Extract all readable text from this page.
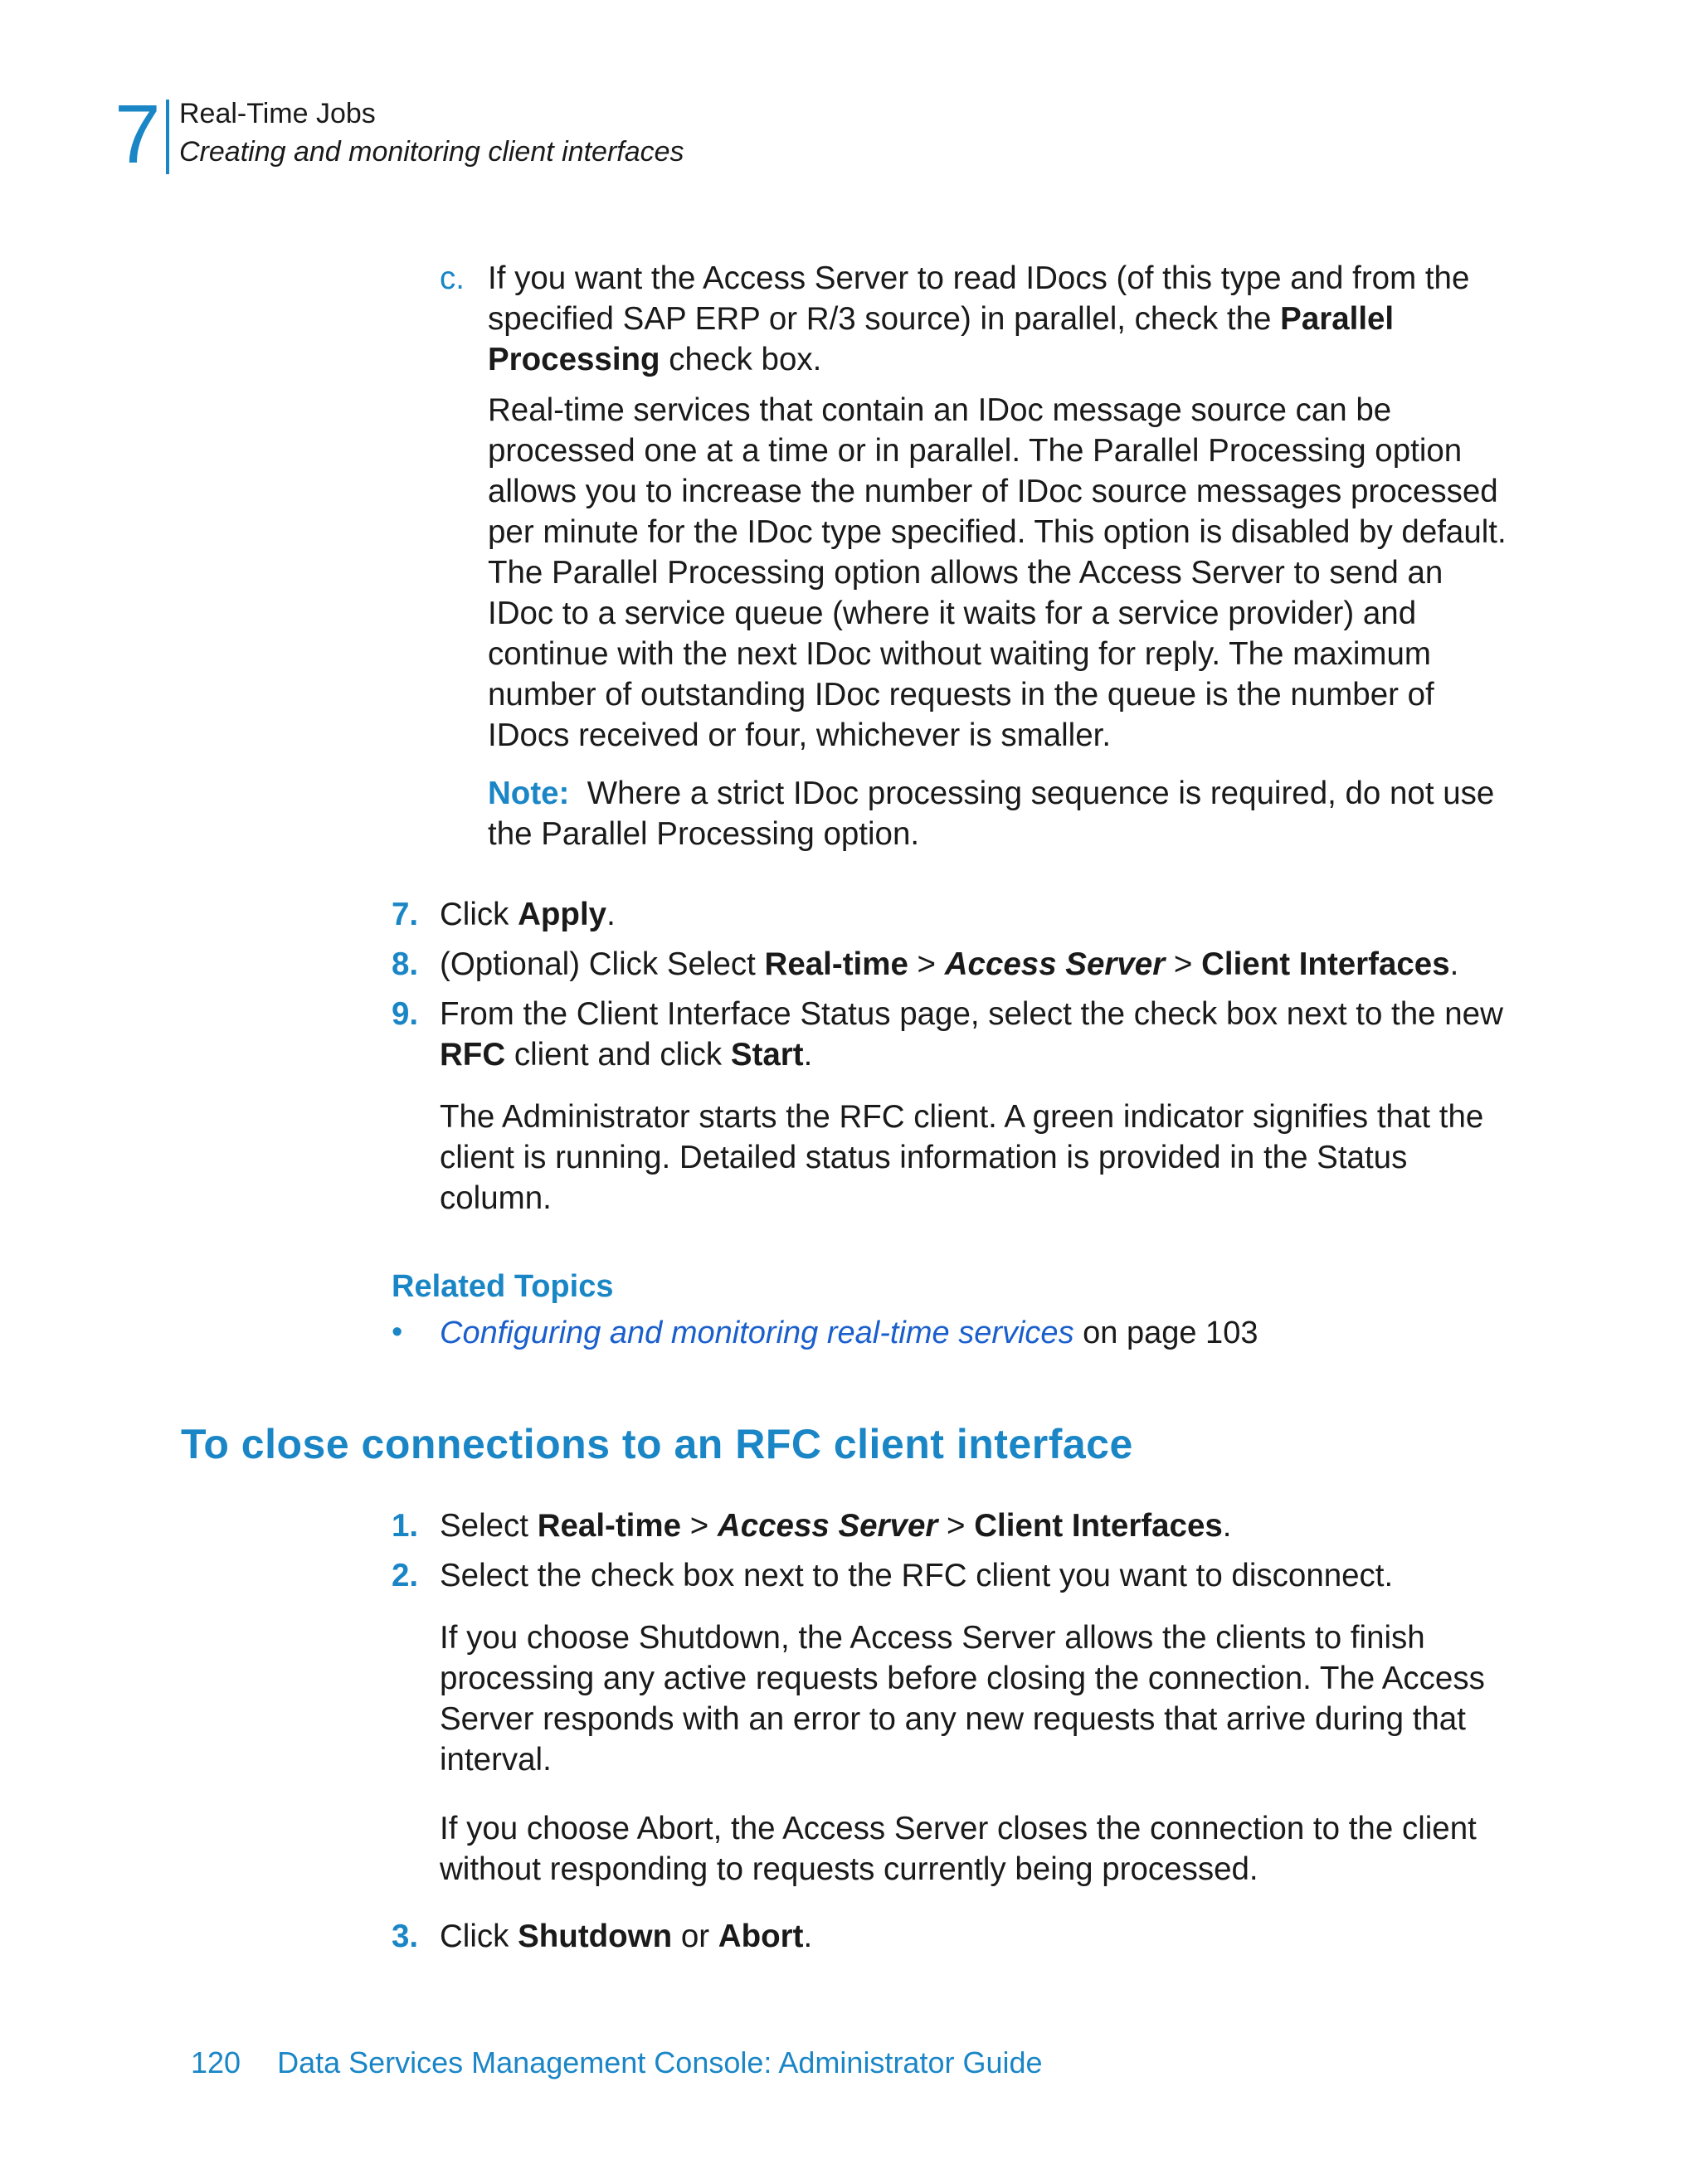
7 Real-Time Jobs
Creating and monitoring client interfaces
c. If you want the Access Server to read IDocs (of this type and from the specified SAP ERP or R/3 source) in parallel, check the Parallel Processing check box.

Real-time services that contain an IDoc message source can be processed one at a time or in parallel. The Parallel Processing option allows you to increase the number of IDoc source messages processed per minute for the IDoc type specified. This option is disabled by default. The Parallel Processing option allows the Access Server to send an IDoc to a service queue (where it waits for a service provider) and continue with the next IDoc without waiting for reply. The maximum number of outstanding IDoc requests in the queue is the number of IDocs received or four, whichever is smaller.

Note: Where a strict IDoc processing sequence is required, do not use the Parallel Processing option.

7. Click Apply.

8. (Optional) Click Select Real-time > Access Server > Client Interfaces.

9. From the Client Interface Status page, select the check box next to the new RFC client and click Start.

The Administrator starts the RFC client. A green indicator signifies that the client is running. Detailed status information is provided in the Status column.

Related Topics
• Configuring and monitoring real-time services on page 103

To close connections to an RFC client interface
1. Select Real-time > Access Server > Client Interfaces.

2. Select the check box next to the RFC client you want to disconnect.

If you choose Shutdown, the Access Server allows the clients to finish processing any active requests before closing the connection. The Access Server responds with an error to any new requests that arrive during that interval.

If you choose Abort, the Access Server closes the connection to the client without responding to requests currently being processed.

3. Click Shutdown or Abort.

120 Data Services Management Console: Administrator Guide
